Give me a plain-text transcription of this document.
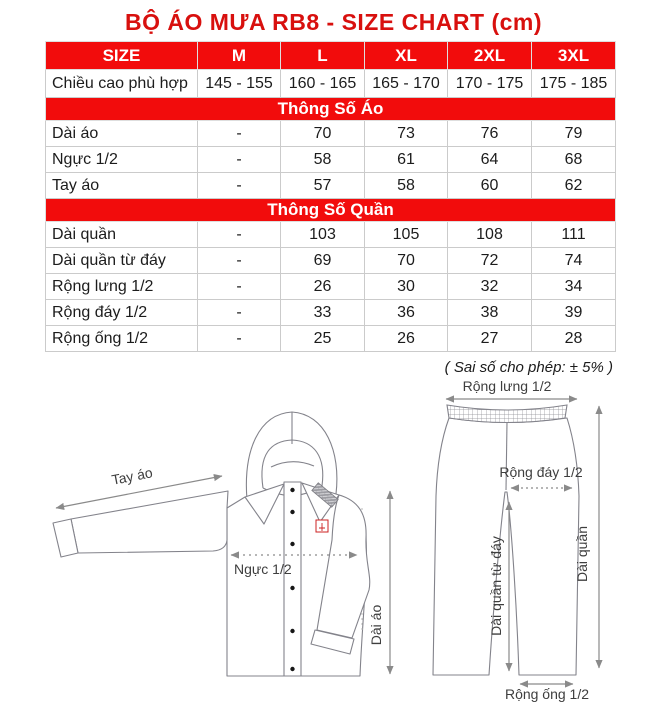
BỘ ÁO MƯA RB8 - SIZE CHART (cm)
SIZE	M	L	XL	2XL	3XL
Chiều cao phù hợp	145 - 155	160 - 165	165 - 170	170 - 175	175 - 185
Thông Số Áo					
Dài áo	-	70	73	76	79
Ngực 1/2	-	58	61	64	68
Tay áo	-	57	58	60	62
Thông Số Quần					
Dài quần	-	103	105	108	111
Dài quần từ đáy	-	69	70	72	74
Rộng lưng 1/2	-	26	30	32	34
Rộng đáy 1/2	-	33	36	38	39
Rộng ống 1/2	-	25	26	27	28
( Sai số cho phép: ± 5% )
Tay áo
Ngực 1/2
Dài áo
Rộng lưng 1/2
Rộng đáy 1/2
Dài quần từ đáy	Dài quần
Rộng ống 1/2
